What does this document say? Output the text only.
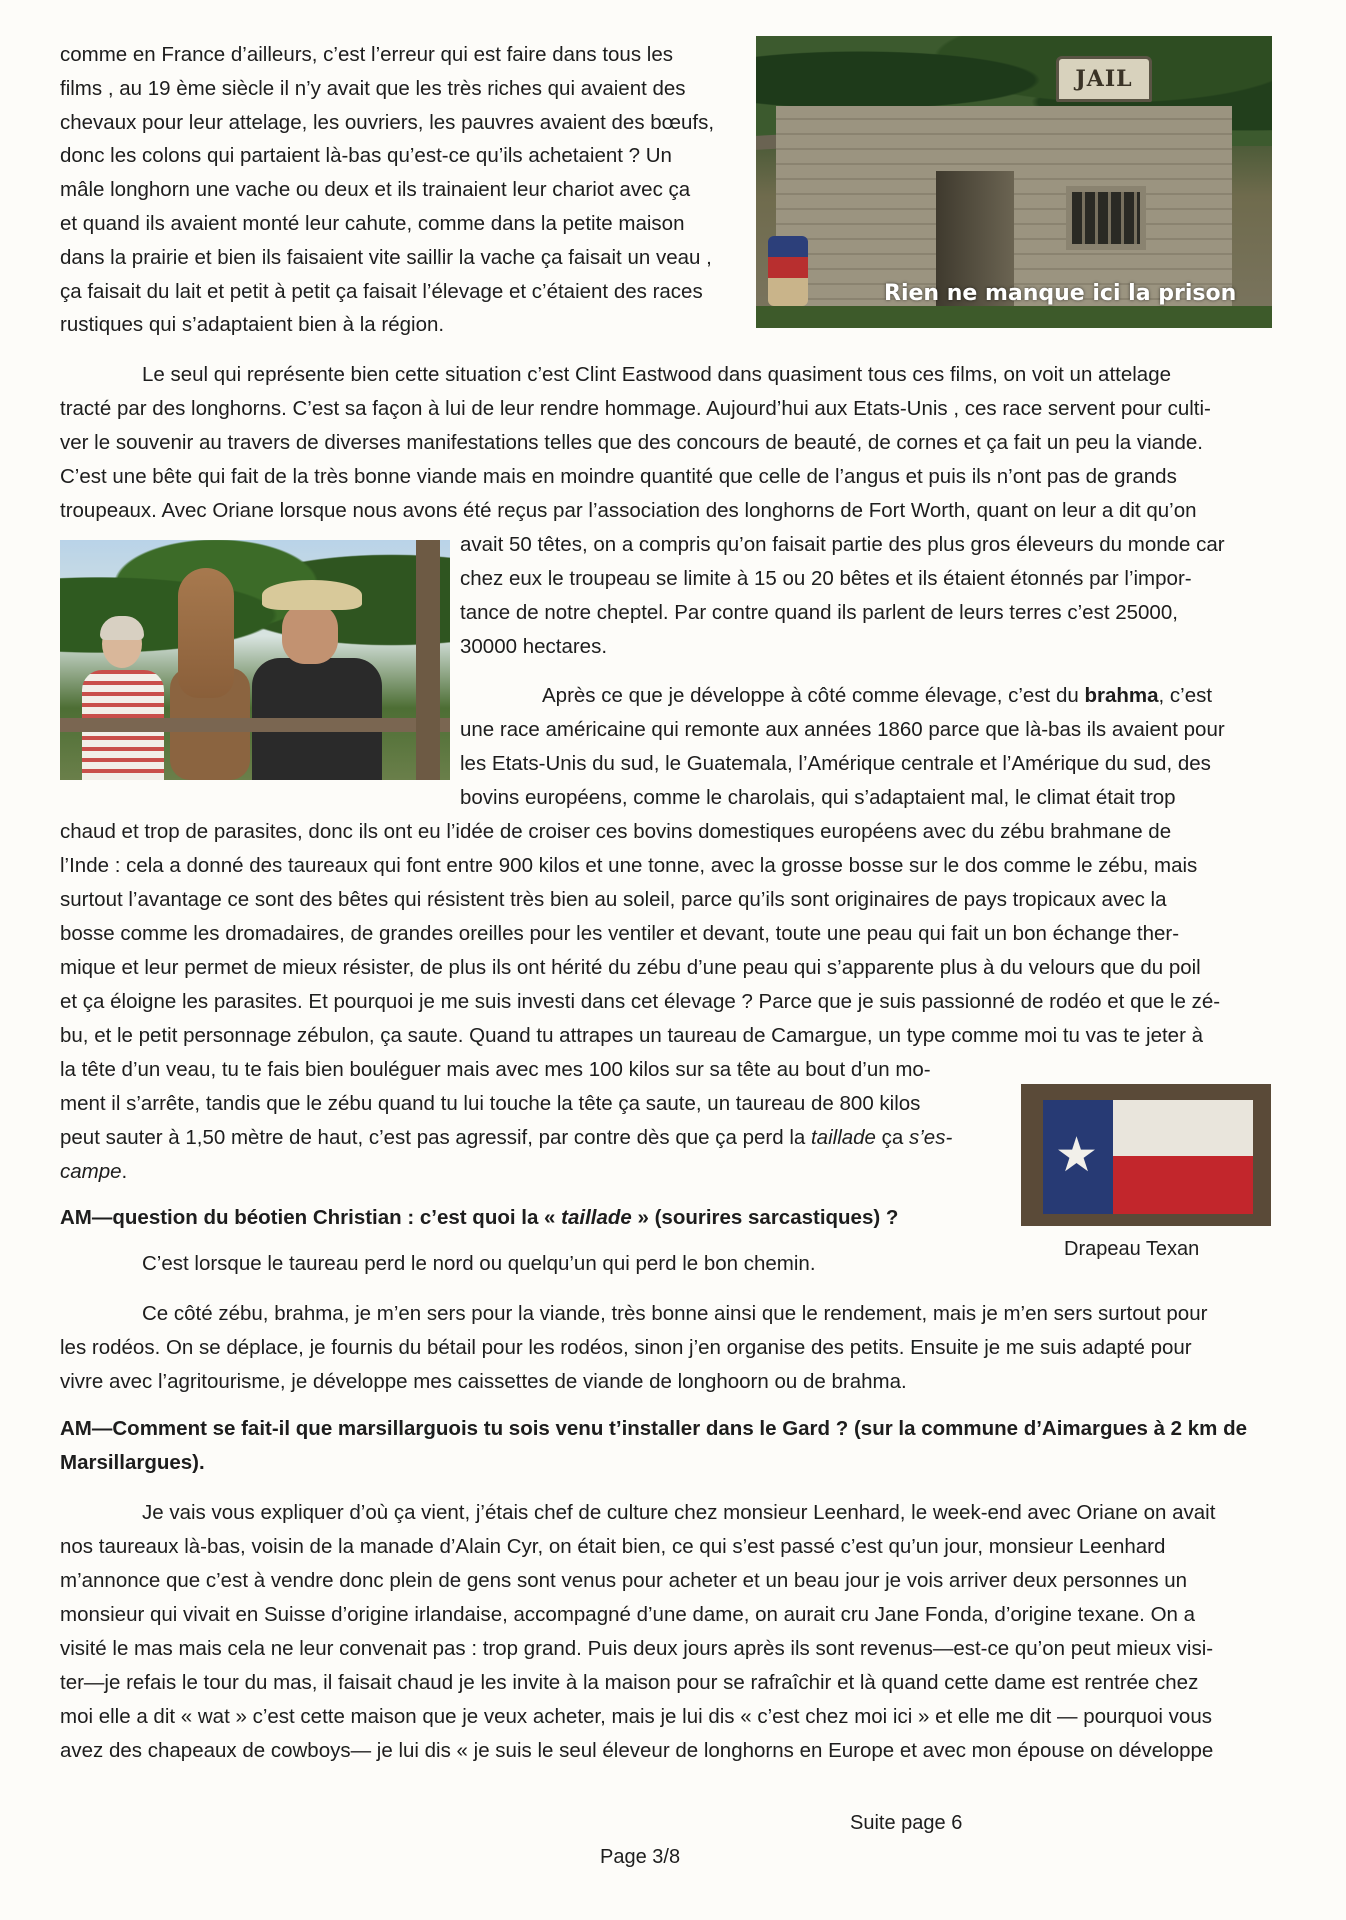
comme en France d’ailleurs, c’est l’erreur qui est faire dans tous les

films , au 19 ème siècle il n’y avait que les très riches qui avaient des

chevaux pour leur attelage, les ouvriers, les pauvres avaient des bœufs,

donc les colons qui partaient là-bas qu’est-ce qu’ils achetaient ? Un

mâle longhorn une vache ou deux et ils trainaient leur chariot avec ça

et quand ils avaient monté leur cahute, comme dans la petite maison

dans la prairie et bien ils faisaient vite saillir la vache ça faisait un veau ,

ça faisait du lait et petit à petit ça faisait l’élevage et c’étaient des races

rustiques qui s’adaptaient bien à la région.

JAIL
Rien ne manque ici la prison

Le seul qui représente bien cette situation c’est Clint Eastwood dans quasiment tous ces films, on voit un attelage

tracté par des longhorns. C’est sa façon à lui de leur rendre hommage. Aujourd’hui aux Etats-Unis , ces race servent pour culti-

ver le souvenir au travers de diverses manifestations telles que des concours de beauté, de cornes et ça fait un peu la viande.

C’est une bête qui fait de la très bonne viande mais en moindre quantité que celle de l’angus et puis ils n’ont pas de grands

troupeaux. Avec Oriane lorsque nous avons été reçus par l’association des longhorns de Fort Worth, quant on leur a dit qu’on

avait 50 têtes, on a compris qu’on faisait partie des plus gros éleveurs du monde car

chez eux le troupeau se limite à 15 ou 20 bêtes et ils étaient étonnés par l’impor-

tance de notre cheptel. Par contre quand ils parlent de leurs terres c’est 25000,

30000 hectares.

Après ce que je développe à côté comme élevage, c’est du brahma, c’est

une race américaine qui remonte aux années 1860 parce que là-bas ils avaient pour

les Etats-Unis du sud, le Guatemala, l’Amérique centrale et l’Amérique du sud, des

bovins européens, comme le charolais, qui s’adaptaient mal, le climat était trop

chaud et trop de parasites, donc ils ont eu l’idée de croiser ces bovins domestiques européens avec du zébu brahmane de

l’Inde : cela a donné des taureaux qui font entre 900 kilos et une tonne, avec la grosse bosse sur le dos comme le zébu, mais

surtout l’avantage ce sont des bêtes qui résistent très bien au soleil, parce qu’ils sont originaires de pays tropicaux avec la

bosse comme les dromadaires, de grandes oreilles pour les ventiler et devant, toute une peau qui fait un bon échange ther-

mique et leur permet de mieux résister, de plus ils ont hérité du zébu d’une peau qui s’apparente plus à du velours que du poil

et ça éloigne les parasites. Et pourquoi je me suis investi dans cet élevage ? Parce que je suis passionné de rodéo et que le zé-

bu, et le petit personnage zébulon, ça saute. Quand tu attrapes un taureau de Camargue, un type comme moi tu vas te jeter à

la tête d’un veau, tu te fais bien bouléguer mais avec mes 100 kilos sur sa tête au bout d’un mo-

ment il s’arrête, tandis que le zébu quand tu lui touche la tête ça saute, un taureau de 800 kilos

peut sauter à 1,50 mètre de haut, c’est pas agressif, par contre dès que ça perd la taillade ça s’es-

campe.	★
Drapeau Texan

AM—question du béotien Christian : c’est quoi la « taillade » (sourires sarcastiques) ?

C’est lorsque le taureau perd le nord ou quelqu’un qui perd le bon chemin.

Ce côté zébu, brahma, je m’en sers pour la viande, très bonne ainsi que le rendement, mais je m’en sers surtout pour

les rodéos. On se déplace, je fournis du bétail pour les rodéos, sinon j’en organise des petits. Ensuite je me suis adapté pour

vivre avec l’agritourisme, je développe mes caissettes de viande de longhoorn ou de brahma.

AM—Comment se fait-il que marsillarguois tu sois venu t’installer dans le Gard ? (sur la commune d’Aimargues à 2 km de

Marsillargues).

Je vais vous expliquer d’où ça vient, j’étais chef de culture chez monsieur Leenhard, le week-end avec Oriane on avait

nos taureaux là-bas, voisin de la manade d’Alain Cyr, on était bien, ce qui s’est passé c’est qu’un jour, monsieur Leenhard

m’annonce que c’est à vendre donc plein de gens sont venus pour acheter et un beau jour je vois arriver deux personnes un

monsieur qui vivait en Suisse d’origine irlandaise, accompagné d’une dame, on aurait cru Jane Fonda, d’origine texane. On a

visité le mas mais cela ne leur convenait pas : trop grand. Puis deux jours après ils sont revenus—est-ce qu’on peut mieux visi-

ter—je refais le tour du mas, il faisait chaud je les invite à la maison pour se rafraîchir et là quand cette dame est rentrée chez

moi elle a dit « wat » c’est cette maison que je veux acheter, mais je lui dis « c’est chez moi ici » et elle me dit — pourquoi vous

avez des chapeaux de cowboys— je lui dis « je suis le seul éleveur de longhorns en Europe et avec mon épouse on développe

Suite page 6
Page 3/8
